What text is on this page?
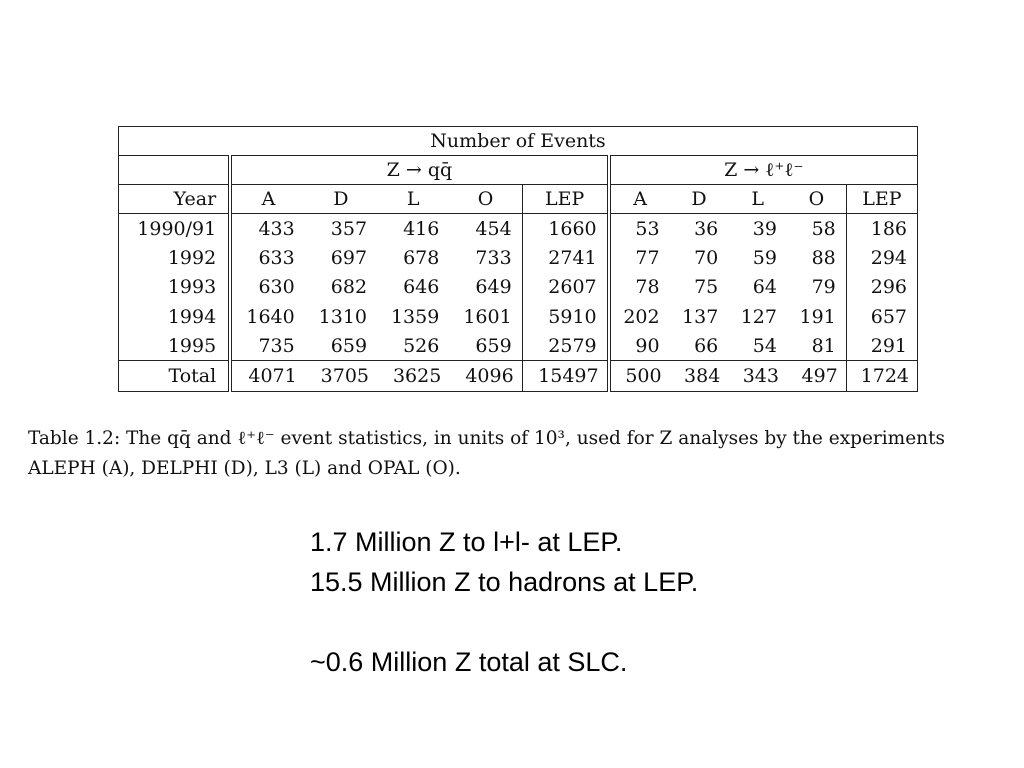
Number of Events										
	Z → qq̄					Z → ℓ⁺ℓ⁻				
Year	A	D	L	O	LEP	A	D	L	O	LEP
1990/91	433	357	416	454	1660	53	36	39	58	186
1992	633	697	678	733	2741	77	70	59	88	294
1993	630	682	646	649	2607	78	75	64	79	296
1994	1640	1310	1359	1601	5910	202	137	127	191	657
1995	735	659	526	659	2579	90	66	54	81	291
Total	4071	3705	3625	4096	15497	500	384	343	497	1724

Table 1.2: The qq̄ and ℓ⁺ℓ⁻ event statistics, in units of 10³, used for Z analyses by the experiments ALEPH (A), DELPHI (D), L3 (L) and OPAL (O).

1.7 Million Z to l+l- at LEP.
15.5 Million Z to hadrons at LEP.
~0.6 Million Z total at SLC.
